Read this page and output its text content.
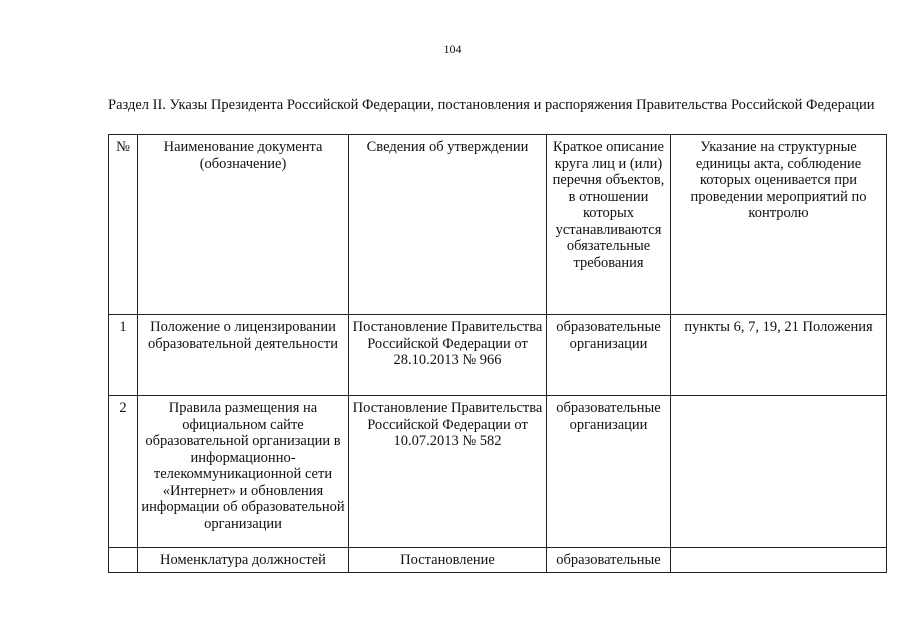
104

Раздел II. Указы Президента Российской Федерации, постановления и распоряжения Правительства Российской Федерации

№	Наименование документа (обозначение)	Сведения об утверждении	Краткое описание круга лиц и (или) перечня объектов, в отношении которых устанавливаются обязательные требования	Указание на структурные единицы акта, соблюдение которых оценивается при проведении мероприятий по контролю
1	Положение о лицензировании образовательной деятельности	Постановление Правительства Российской Федерации от 28.10.2013 № 966	образовательные организации	пункты 6, 7, 19, 21 Положения
2	Правила размещения на официальном сайте образовательной организации в информационно-телекоммуникационной сети «Интернет» и обновления информации об образовательной организации	Постановление Правительства Российской Федерации от 10.07.2013 № 582	образовательные организации	
	Номенклатура должностей	Постановление	образовательные	
